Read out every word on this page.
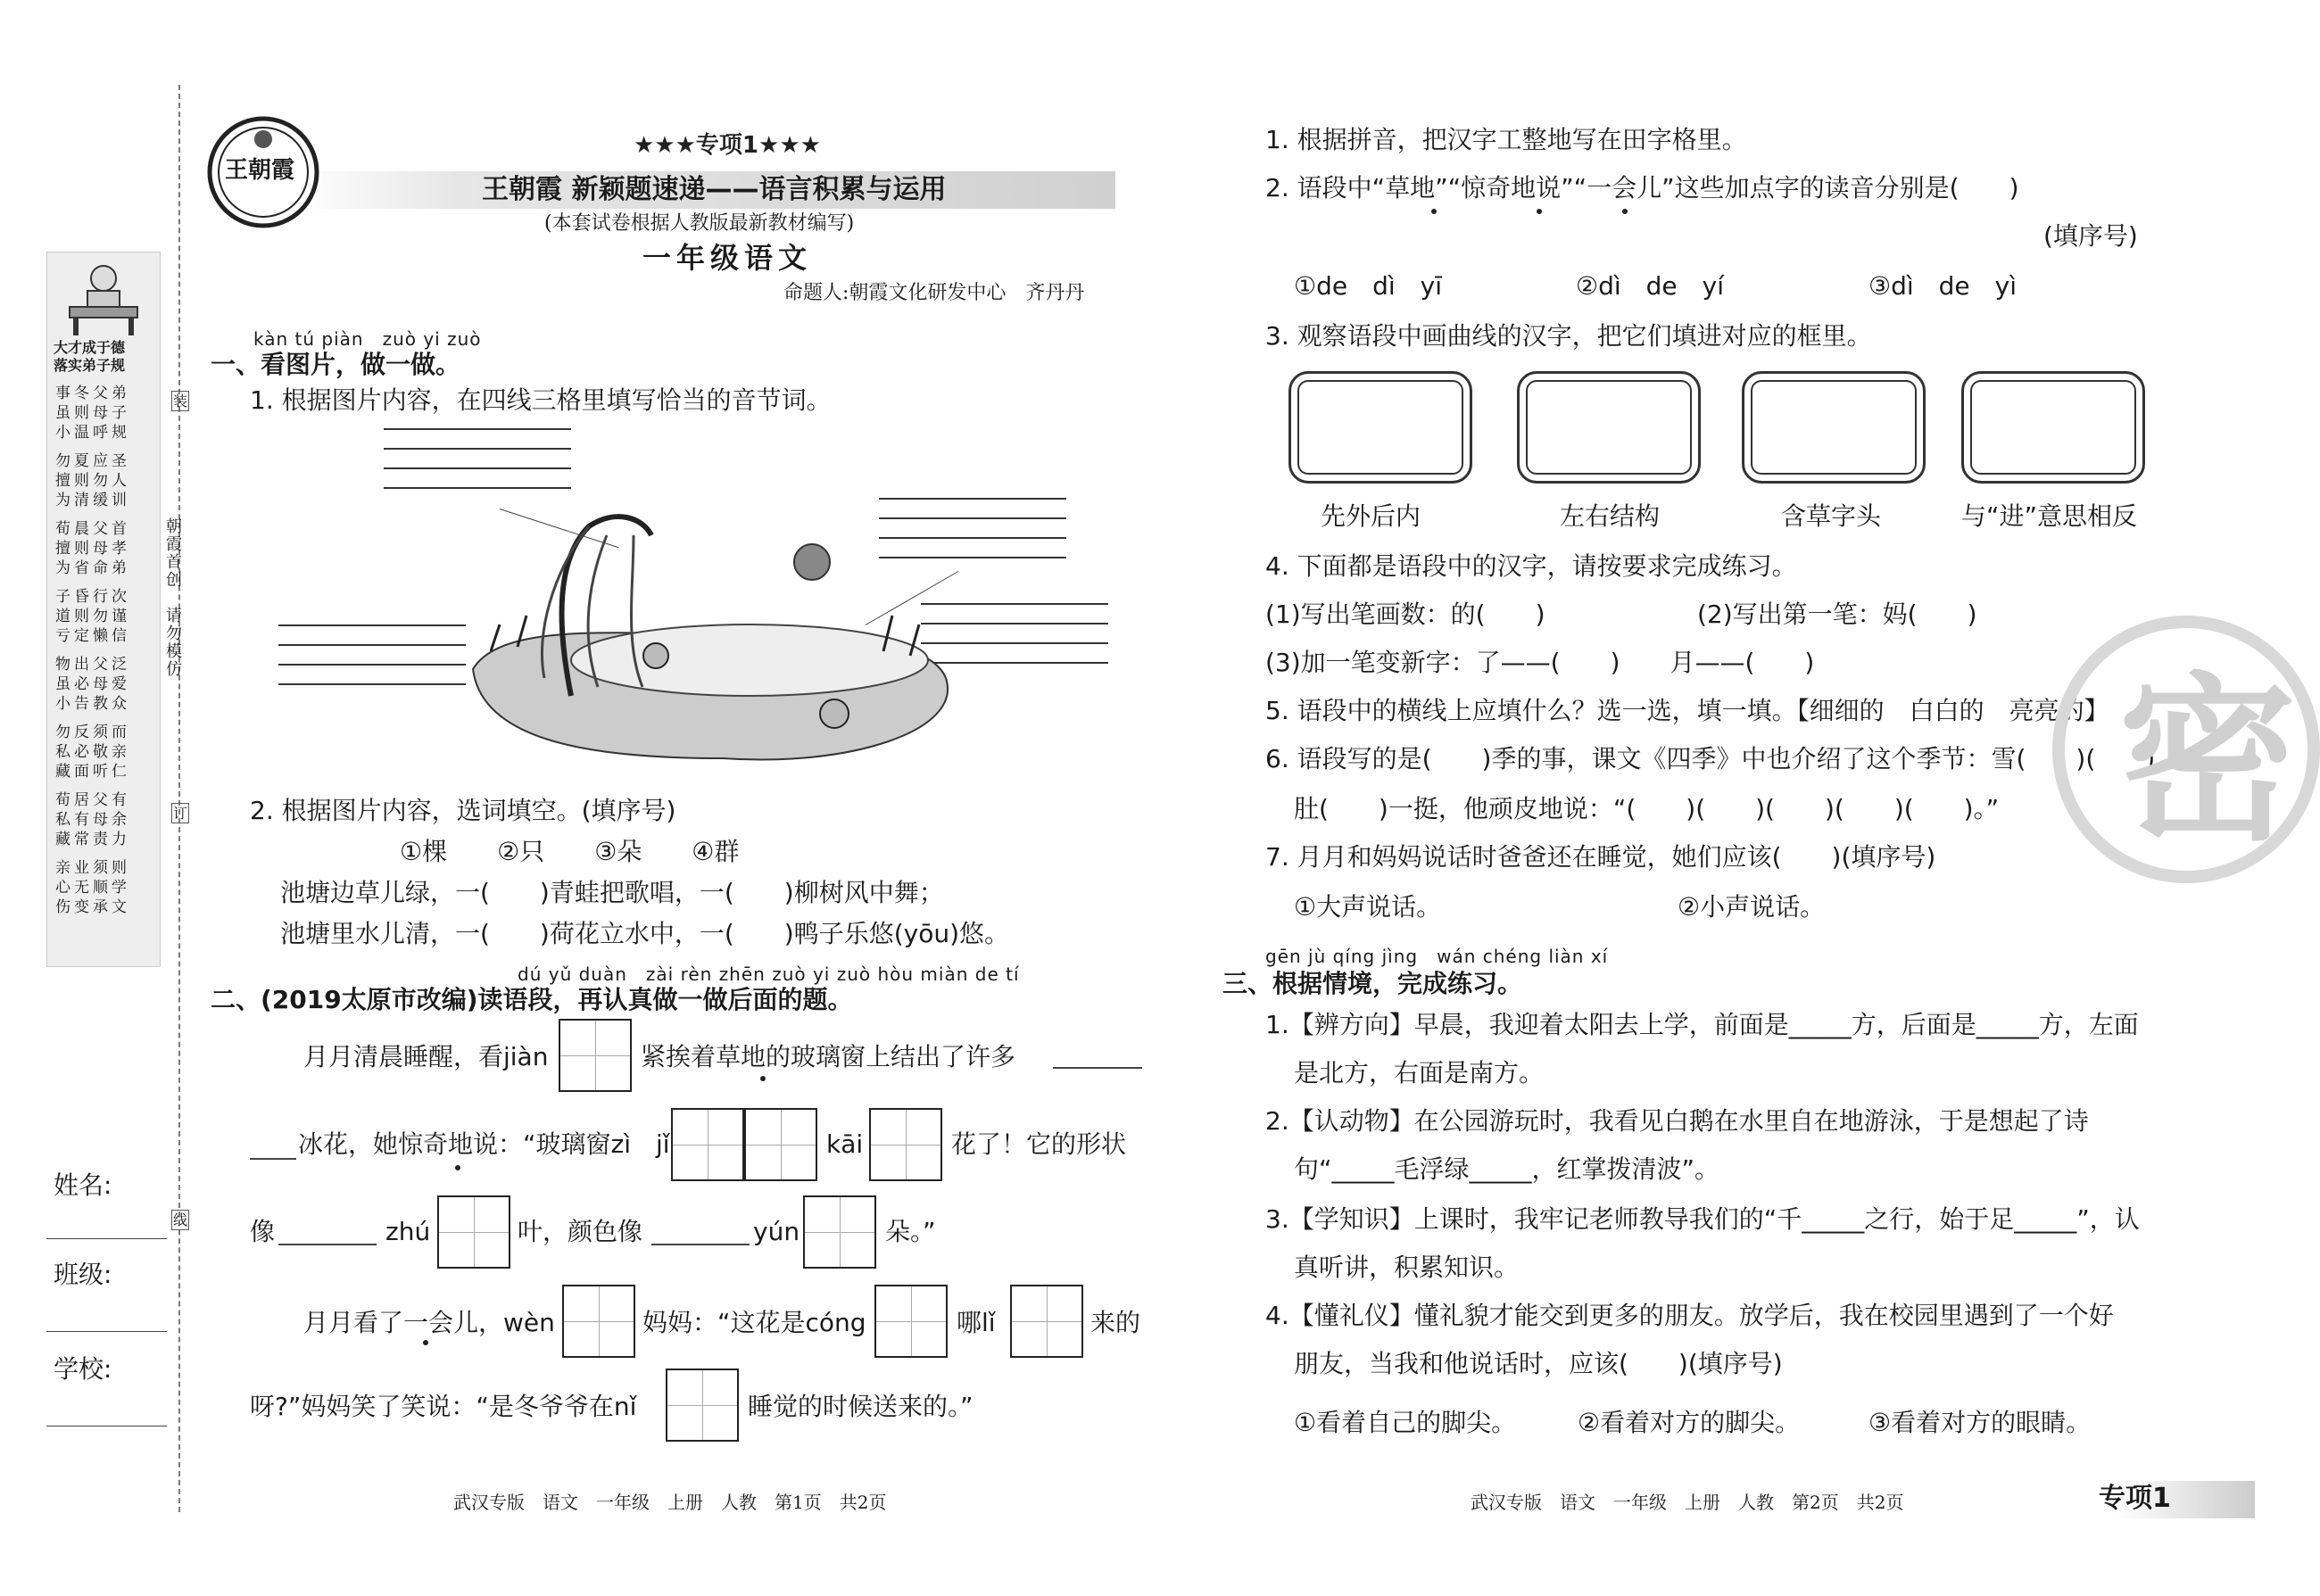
大才成于德
落实弟子规
事冬父弟
虽则母子
小温呼规
勿夏应圣
擅则勿人
为清缓训
荀晨父首
擅则母孝
为省命弟
子昏行次
道则勿谨
亏定懒信
物出父泛
虽必母爱
小告教众
勿反须而
私必敬亲
藏面听仁
荀居父有
私有母余
藏常责力
亲业须则
心无顺学
伤变承文
朝霞首创　请勿模仿
装
订
线
姓名:
班级:
学校:
王朝霞
★★★专项1★★★
王朝霞 新颖题速递——语言积累与运用
(本套试卷根据人教版最新教材编写)
一年级语文
命题人:朝霞文化研发中心　齐丹丹
kàn tú piàn　zuò yi zuò
一、看图片，做一做。
1. 根据图片内容，在四线三格里填写恰当的音节词。
2. 根据图片内容，选词填空。(填序号)
①棵　　②只　　③朵　　④群
池塘边草儿绿，一(　　)青蛙把歌唱，一(　　)柳树风中舞；
池塘里水儿清，一(　　)荷花立水中，一(　　)鸭子乐悠(yōu)悠。
dú yǔ duàn　zài rèn zhēn zuò yi zuò hòu miàn de tí
二、(2019太原市改编)读语段，再认真做一做后面的题。
月月清晨睡醒，看jiàn	紧挨着草地的玻璃窗上结出了许多
冰花，她惊奇地说：“玻璃窗zì　jǐ	kāi	花了！它的形状
像	zhú	叶，颜色像	yún	朵。”
月月看了一会儿，wèn	妈妈：“这花是cóng	哪lǐ	来的
呀?”妈妈笑了笑说：“是冬爷爷在nǐ	睡觉的时候送来的。”
武汉专版　语文　一年级　上册　人教　第1页　共2页
1. 根据拼音，把汉字工整地写在田字格里。
2. 语段中“草地”“惊奇地说”“一会儿”这些加点字的读音分别是(　　)
(填序号)
①de　dì　yī	②dì　de　yí	③dì　de　yì
3. 观察语段中画曲线的汉字，把它们填进对应的框里。
先外后内	左右结构	含草字头	与“进”意思相反
4. 下面都是语段中的汉字，请按要求完成练习。
(1)写出笔画数：的(　　)	(2)写出第一笔：妈(　　)
(3)加一笔变新字：了——(　　)　　月——(　　)
5. 语段中的横线上应填什么？选一选，填一填。【细细的　白白的　亮亮的】
6. 语段写的是(　　)季的事，课文《四季》中也介绍了这个季节：雪(　　)(　　)
肚(　　)一挺，他顽皮地说：“(　　)(　　)(　　)(　　)(　　)。”
7. 月月和妈妈说话时爸爸还在睡觉，她们应该(　　)(填序号)
①大声说话。	②小声说话。
gēn jù qíng jìng　wán chéng liàn xí
三、根据情境，完成练习。
1.【辨方向】早晨，我迎着太阳去上学，前面是_____方，后面是_____方，左面
是北方，右面是南方。
2.【认动物】在公园游玩时，我看见白鹅在水里自在地游泳，于是想起了诗
句“_____毛浮绿_____，红掌拨清波”。
3.【学知识】上课时，我牢记老师教导我们的“千_____之行，始于足_____”，认
真听讲，积累知识。
4.【懂礼仪】懂礼貌才能交到更多的朋友。放学后，我在校园里遇到了一个好
朋友，当我和他说话时，应该(　　)(填序号)
①看着自己的脚尖。 ②看着对方的脚尖。	③看着对方的眼睛。
武汉专版　语文　一年级　上册　人教　第2页　共2页	专项1
密
